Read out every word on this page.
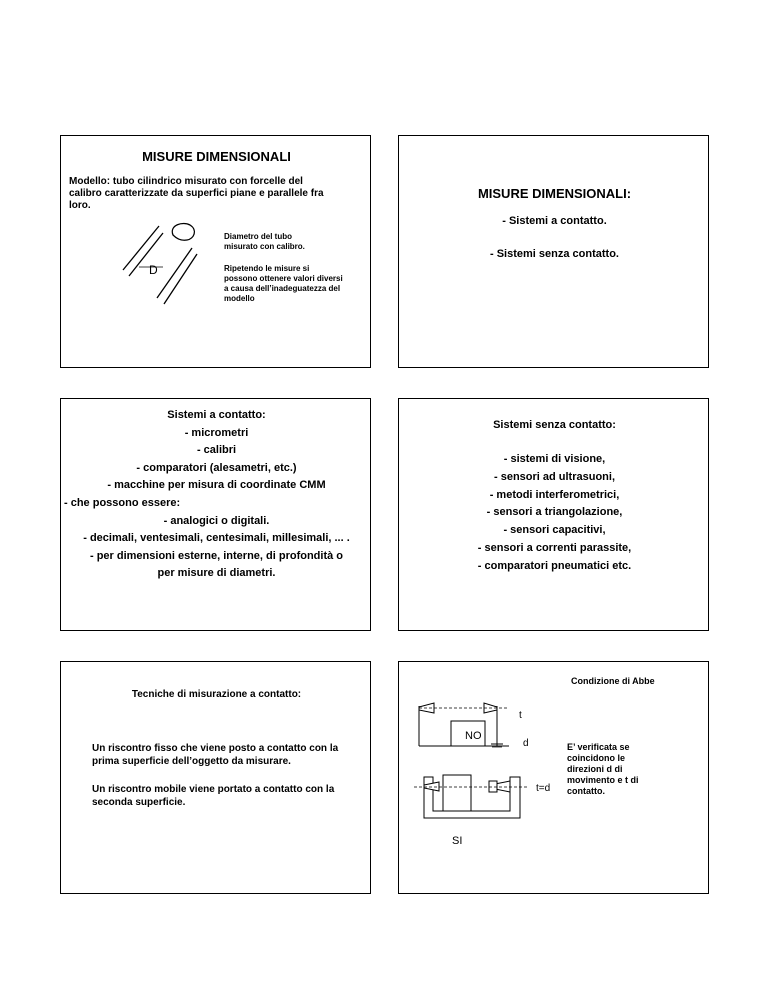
MISURE DIMENSIONALI
Modello: tubo cilindrico misurato con forcelle del
calibro caratterizzate da superfici piane e parallele fra
loro.
D
Diametro del tubo
misurato con calibro.
Ripetendo le misure si
possono ottenere valori diversi
a causa dell’inadeguatezza del
modello
MISURE DIMENSIONALI:
- Sistemi a contatto.
- Sistemi senza contatto.
Sistemi a contatto:
- micrometri
- calibri
- comparatori (alesametri, etc.)
- macchine per misura di coordinate CMM
- che possono essere:
- analogici o digitali.
- decimali, ventesimali, centesimali, millesimali, ... .
- per dimensioni esterne, interne, di profondità o
per misure di diametri.
Sistemi senza contatto:
- sistemi di visione,
- sensori ad ultrasuoni,
- metodi interferometrici,
- sensori a triangolazione,
- sensori capacitivi,
- sensori a correnti parassite,
- comparatori pneumatici etc.
Tecniche di misurazione a contatto:
Un riscontro fisso che viene posto a contatto con la
prima superficie dell’oggetto da misurare.
Un riscontro mobile viene portato a contatto con la
seconda superficie.
Condizione di Abbe
NO
SI
t
d
t=d
E’ verificata se
coincidono le
direzioni d di
movimento e t di
contatto.
